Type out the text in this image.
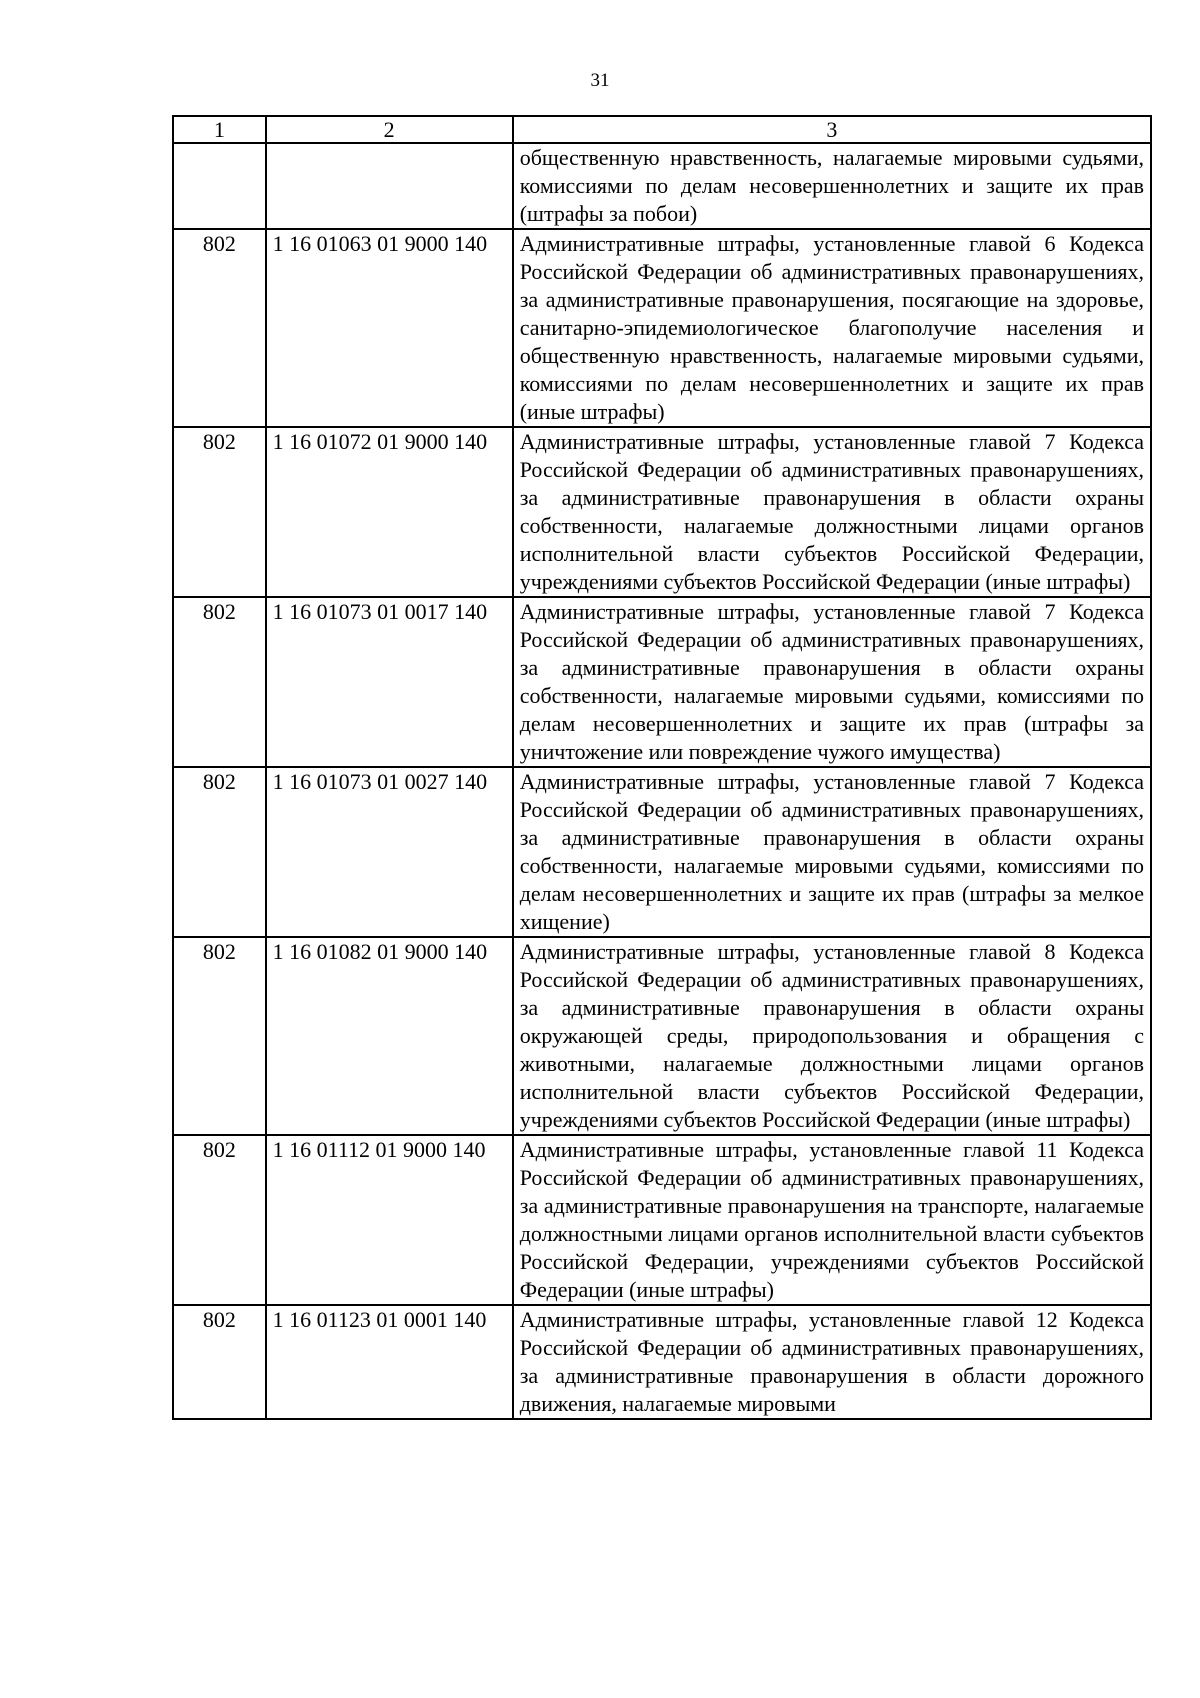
31
1	2	3
		общественную нравственность, налагаемые мировыми судьями, комиссиями по делам несовершеннолетних и защите их прав (штрафы за побои)
802	1 16 01063 01 9000 140	Административные штрафы, установленные главой 6 Кодекса Российской Федерации об административных правонарушениях, за административные правонарушения, посягающие на здоровье, санитарно-эпидемиологическое благополучие населения и общественную нравственность, налагаемые мировыми судьями, комиссиями по делам несовершеннолетних и защите их прав (иные штрафы)
802	1 16 01072 01 9000 140	Административные штрафы, установленные главой 7 Кодекса Российской Федерации об административных правонарушениях, за административные правонарушения в области охраны собственности, налагаемые должностными лицами органов исполнительной власти субъектов Российской Федерации, учреждениями субъектов Российской Федерации (иные штрафы)
802	1 16 01073 01 0017 140	Административные штрафы, установленные главой 7 Кодекса Российской Федерации об административных правонарушениях, за административные правонарушения в области охраны собственности, налагаемые мировыми судьями, комиссиями по делам несовершеннолетних и защите их прав (штрафы за уничтожение или повреждение чужого имущества)
802	1 16 01073 01 0027 140	Административные штрафы, установленные главой 7 Кодекса Российской Федерации об административных правонарушениях, за административные правонарушения в области охраны собственности, налагаемые мировыми судьями, комиссиями по делам несовершеннолетних и защите их прав (штрафы за мелкое хищение)
802	1 16 01082 01 9000 140	Административные штрафы, установленные главой 8 Кодекса Российской Федерации об административных правонарушениях, за административные правонарушения в области охраны окружающей среды, природопользования и обращения с животными, налагаемые должностными лицами органов исполнительной власти субъектов Российской Федерации, учреждениями субъектов Российской Федерации (иные штрафы)
802	1 16 01112 01 9000 140	Административные штрафы, установленные главой 11 Кодекса Российской Федерации об административных правонарушениях, за административные правонарушения на транспорте, налагаемые должностными лицами органов исполнительной власти субъектов Российской Федерации, учреждениями субъектов Российской Федерации (иные штрафы)
802	1 16 01123 01 0001 140	Административные штрафы, установленные главой 12 Кодекса Российской Федерации об административных правонарушениях, за административные правонарушения в области дорожного движения, налагаемые мировыми
